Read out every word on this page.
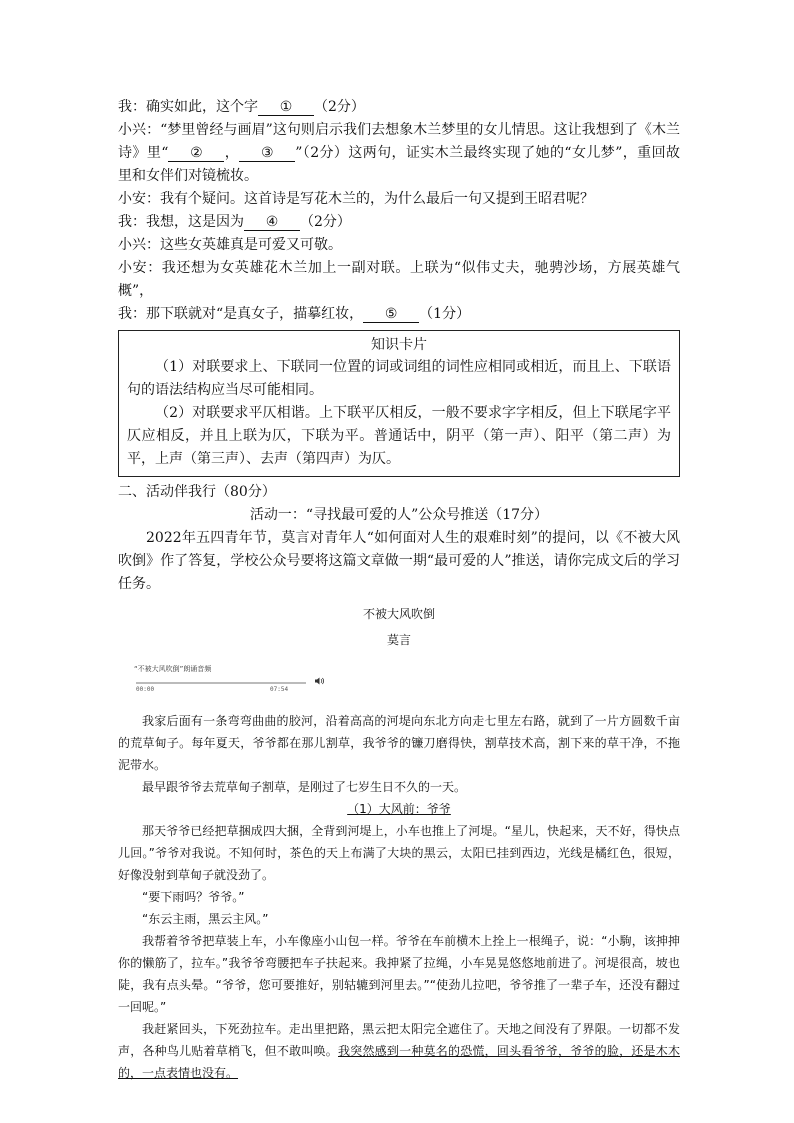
我：确实如此，这个字 ① （2分）

小兴：“梦里曾经与画眉”这句则启示我们去想象木兰梦里的女儿情思。这让我想到了《木兰诗》里“ ② ， ③ ”（2分）这两句，证实木兰最终实现了她的“女儿梦”，重回故里和女伴们对镜梳妆。

小安：我有个疑问。这首诗是写花木兰的，为什么最后一句又提到王昭君呢？

我：我想，这是因为 ④ （2分）

小兴：这些女英雄真是可爱又可敬。

小安：我还想为女英雄花木兰加上一副对联。上联为“似伟丈夫，驰骋沙场，方展英雄气概”，

我：那下联就对“是真女子，描摹红妆， ⑤ （1分）

知识卡片

（1）对联要求上、下联同一位置的词或词组的词性应相同或相近，而且上、下联语句的语法结构应当尽可能相同。

（2）对联要求平仄相谐。上下联平仄相反，一般不要求字字相反，但上下联尾字平仄应相反，并且上联为仄，下联为平。普通话中，阴平（第一声）、阳平（第二声）为平，上声（第三声）、去声（第四声）为仄。

二、活动伴我行（80分）

活动一：“寻找最可爱的人”公众号推送（17分）

2022年五四青年节，莫言对青年人“如何面对人生的艰难时刻”的提问，以《不被大风吹倒》作了答复，学校公众号要将这篇文章做一期“最可爱的人”推送，请你完成文后的学习任务。

不被大风吹倒
莫言
“不被大风吹倒”朗诵音频
00:00	07:54

我家后面有一条弯弯曲曲的胶河，沿着高高的河堤向东北方向走七里左右路，就到了一片方圆数千亩的荒草甸子。每年夏天，爷爷都在那儿割草，我爷爷的镰刀磨得快，割草技术高，割下来的草干净，不拖泥带水。

最早跟爷爷去荒草甸子割草，是刚过了七岁生日不久的一天。

（1）大风前：爷爷

那天爷爷已经把草捆成四大捆，全背到河堤上，小车也推上了河堤。“星儿，快起来，天不好，得快点儿回。”爷爷对我说。不知何时，茶色的天上布满了大块的黑云，太阳已挂到西边，光线是橘红色，很短，好像没射到草甸子就没劲了。

“要下雨吗？爷爷。”

“东云主雨，黑云主风。”

我帮着爷爷把草装上车，小车像座小山包一样。爷爷在车前横木上拴上一根绳子，说：“小駒，该抻抻你的懒筋了，拉车。”我爷爷弯腰把车子扶起来。我抻紧了拉绳，小车晃晃悠悠地前进了。河堤很高，坡也陡，我有点头晕。“爷爷，您可要推好，别轱辘到河里去。”“使劲儿拉吧，爷爷推了一辈子车，还没有翻过一回呢。”

我赶紧回头，下死劲拉车。走出里把路，黑云把太阳完全遮住了。天地之间没有了界限。一切都不发声，各种鸟儿贴着草梢飞，但不敢叫唤。我突然感到一种莫名的恐慌，回头看爷爷，爷爷的脸，还是木木的，一点表情也没有。
